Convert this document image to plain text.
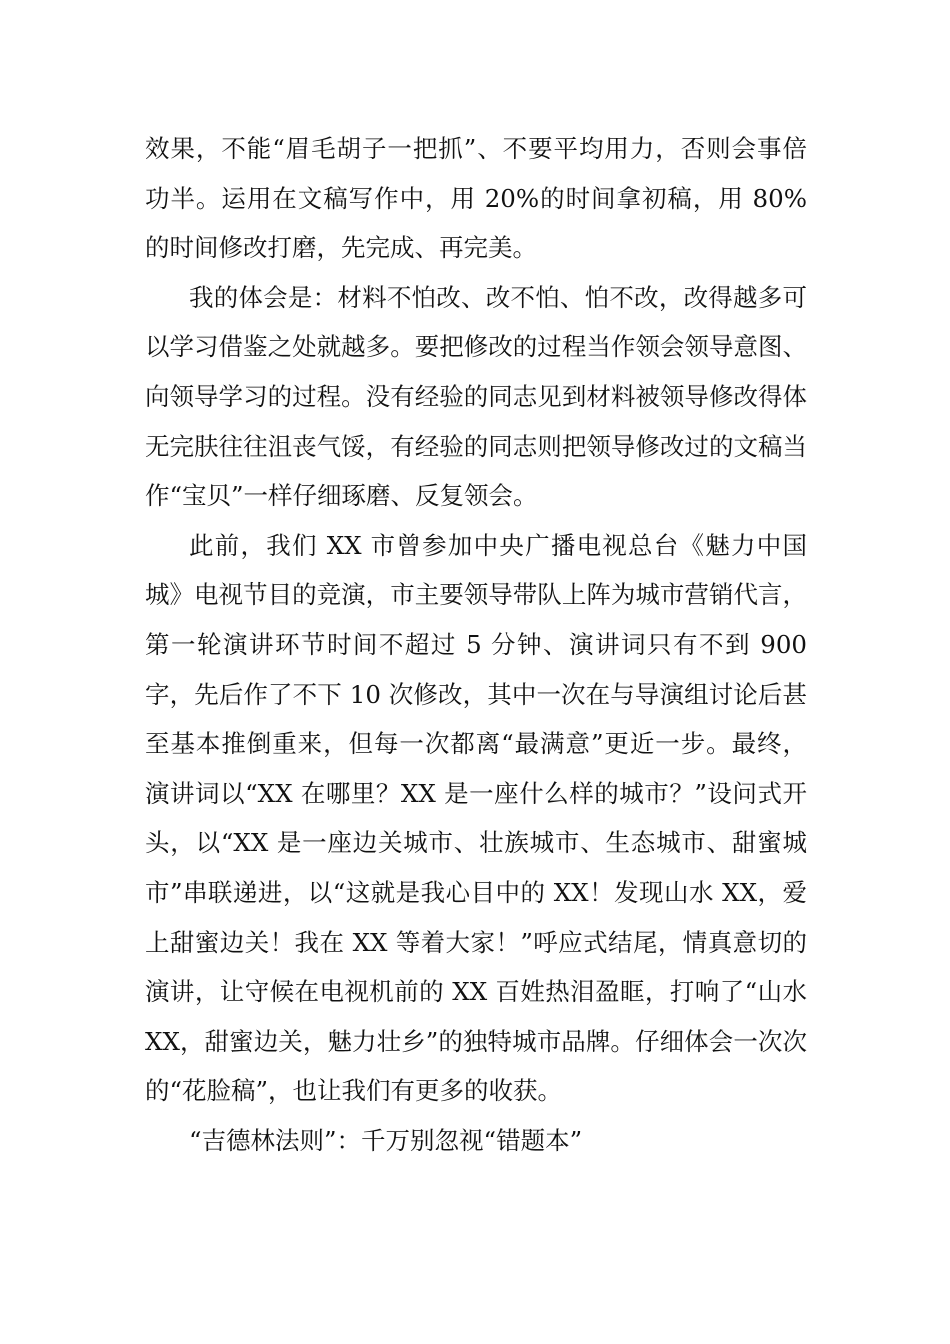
效果，不能“眉毛胡子一把抓”、不要平均用力，否则会事倍功半。运用在文稿写作中，用 20%的时间拿初稿，用 80%的时间修改打磨，先完成、再完美。

我的体会是：材料不怕改、改不怕、怕不改，改得越多可以学习借鉴之处就越多。要把修改的过程当作领会领导意图、向领导学习的过程。没有经验的同志见到材料被领导修改得体无完肤往往沮丧气馁，有经验的同志则把领导修改过的文稿当作“宝贝”一样仔细琢磨、反复领会。

此前，我们 XX 市曾参加中央广播电视总台《魅力中国城》电视节目的竞演，市主要领导带队上阵为城市营销代言，第一轮演讲环节时间不超过 5 分钟、演讲词只有不到 900 字，先后作了不下 10 次修改，其中一次在与导演组讨论后甚至基本推倒重来，但每一次都离“最满意”更近一步。最终，演讲词以“XX 在哪里？XX 是一座什么样的城市？”设问式开头，以“XX 是一座边关城市、壮族城市、生态城市、甜蜜城市”串联递进，以“这就是我心目中的 XX！发现山水 XX，爱上甜蜜边关！我在 XX 等着大家！”呼应式结尾，情真意切的演讲，让守候在电视机前的 XX 百姓热泪盈眶，打响了“山水 XX，甜蜜边关，魅力壮乡”的独特城市品牌。仔细体会一次次的“花脸稿”，也让我们有更多的收获。

“吉德林法则”：千万别忽视“错题本”
